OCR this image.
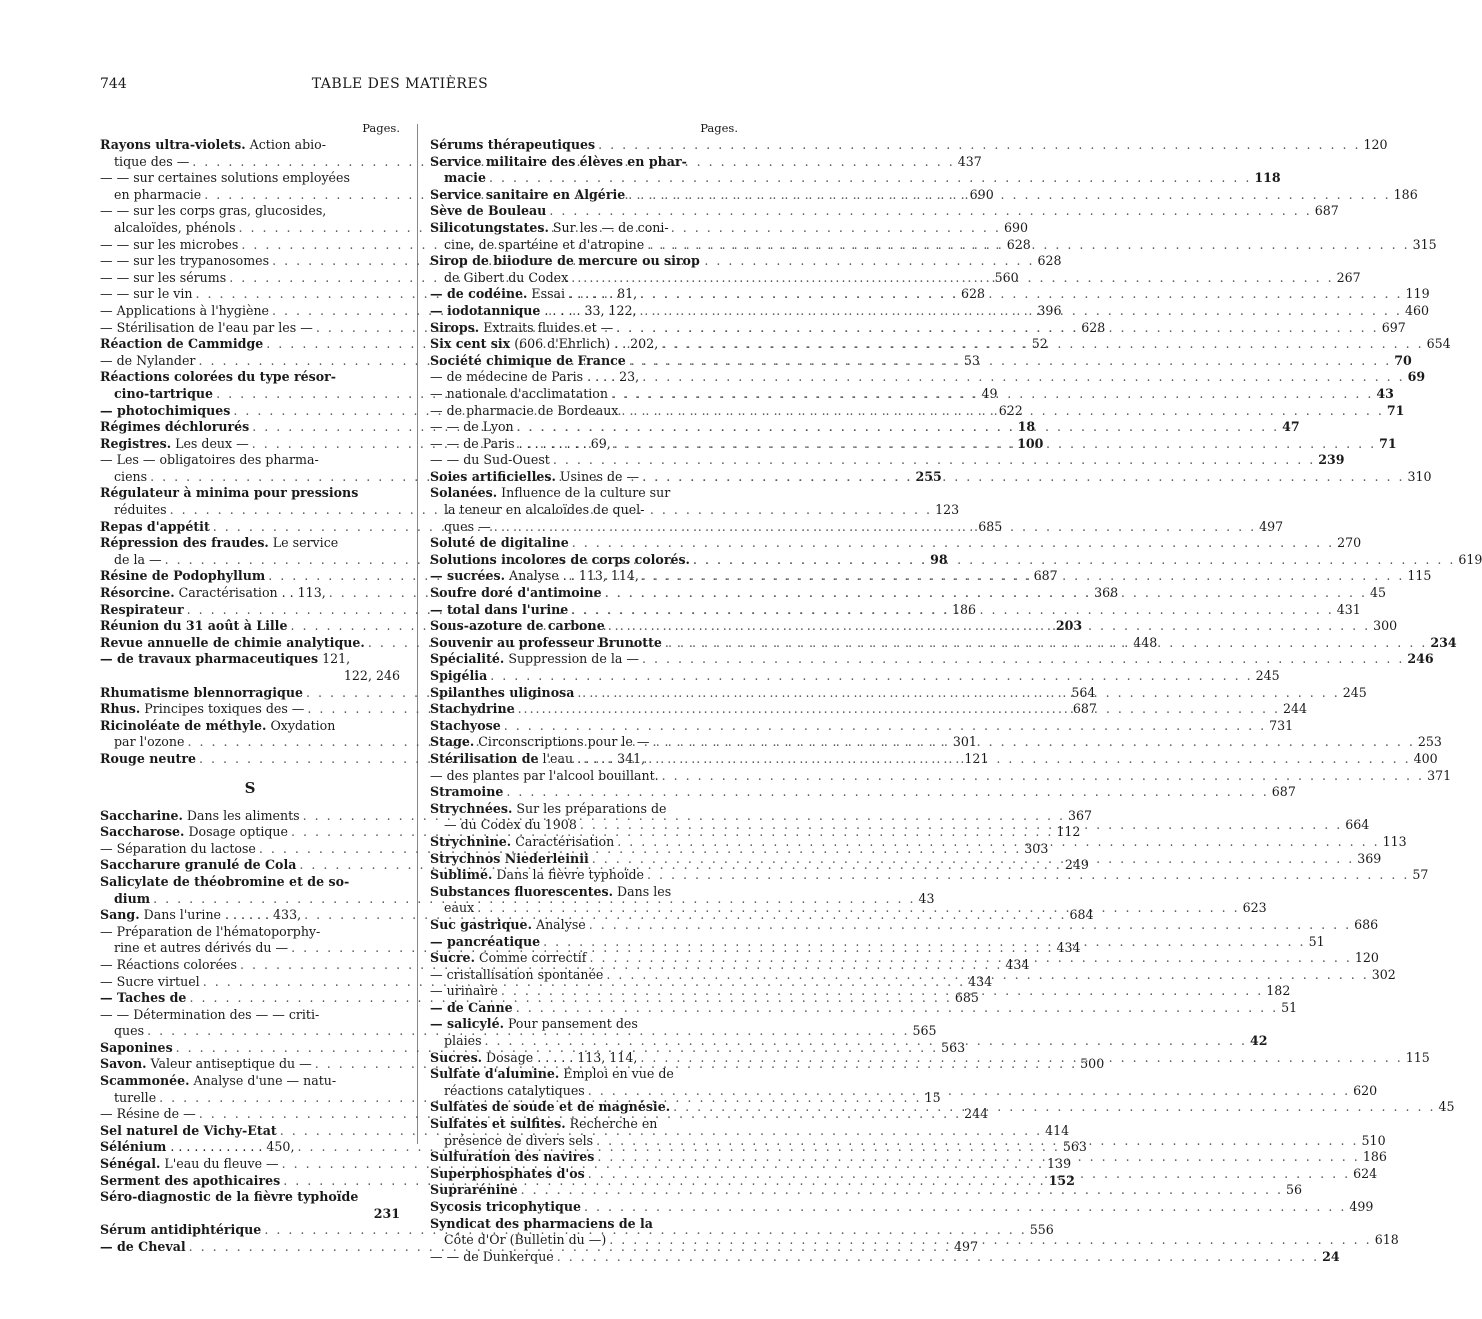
744	TABLE DES MATIÈRES
Pages.
Rayons ultra-violets. Action abio-
tique des — . . .	437
— — sur certaines solutions employées
en pharmacie . . .	690
— — sur les corps gras, glucosides,
alcaloïdes, phénols . . .	690
— — sur les microbes . . .	628
— — sur les trypanosomes . . .	628
— — sur les sérums . . .	560
— — sur le vin . . .	628
— Applications à l'hygiène . . .	396
— Stérilisation de l'eau par les — . . .	628
Réaction de Cammidge . . .	52
— de Nylander . . .	53
Réactions colorées du type résor-
cino-tartrique . . .	49
— photochimiques . . .	622
Régimes déchlorurés . . .	18
Registres. Les deux — . . .	100
— Les — obligatoires des pharma-
ciens . . .	255
Régulateur à minima pour pressions
réduites . . .	123
Repas d'appétit . . .	685
Répression des fraudes. Le service
de la — . . .	98
Résine de Podophyllum . . .	687
Résorcine. Caractérisation . . 113, . . .	368
Respirateur . . .	186
Réunion du 31 août à Lille . . .	203
Revue annuelle de chimie analytique. . . .	448
— de travaux pharmaceutiques 121,
122, 246
Rhumatisme blennorragique . . .	564
Rhus. Principes toxiques des — . . .	687
Ricinoléate de méthyle. Oxydation
par l'ozone . . .	301
Rouge neutre . . .	121
S
Saccharine. Dans les aliments . . .	367
Saccharose. Dosage optique . . .	112
— Séparation du lactose . . .	303
Saccharure granulé de Cola . . .	249
Salicylate de théobromine et de so-
dium . . .	43
Sang. Dans l'urine . . . . . . 433, . . .	684
— Préparation de l'hématoporphy-
rine et autres dérivés du — . . .	434
— Réactions colorées . . .	434
— Sucre virtuel . . .	434
— Taches de . . .	685
— — Détermination des — — criti-
ques . . .	565
Saponines . . .	563
Savon. Valeur antiseptique du — . . .	500
Scammonée. Analyse d'une — natu-
turelle . . .	15
— Résine de — . . .	244
Sel naturel de Vichy-Etat . . .	414
Sélénium . . . . . . . . . . . . 450, . . .	563
Sénégal. L'eau du fleuve — . . .	139
Serment des apothicaires . . .	152
Séro-diagnostic de la fièvre typhoïde
231
Sérum antidiphtérique . . .	556
— de Cheval . . .	497
Pages.
Sérums thérapeutiques . . .	120
Service militaire des élèves en phar-
macie . . .	118
Service sanitaire en Algérie . . .	186
Sève de Bouleau . . .	687
Silicotungstates. Sur les — de coni-
cine, de spartéine et d'atropine . . .	315
Sirop de biiodure de mercure ou sirop
de Gibert du Codex . . .	267
— de codéine. Essai . . . . . . 81, . . .	119
— iodotannique . . . . . 33, 122, . . .	460
Sirops. Extraits fluides et — . . .	697
Six cent six (606 d'Ehrlich) . . 202, . . .	654
Société chimique de France . . .	70
— de médecine de Paris . . . . 23, . . .	69
— nationale d'acclimatation . . .	43
— de pharmacie de Bordeaux . . .	71
— — de Lyon . . .	47
— — de Paris . . . . . . . . . 69, . . .	71
— — du Sud-Ouest . . .	239
Soies artificielles. Usines de — . . .	310
Solanées. Influence de la culture sur
la teneur en alcaloïdes de quel-
ques — . . .	497
Soluté de digitaline . . .	270
Solutions incolores de corps colorés. . . .	619
— sucrées. Analyse . . 113, 114, . . .	115
Soufre doré d'antimoine . . .	45
— total dans l'urine . . .	431
Sous-azoture de carbone . . .	300
Souvenir au professeur Brunotte . . .	234
Spécialité. Suppression de la — . . .	246
Spigélia . . .	245
Spilanthes uliginosa . . .	245
Stachydrine . . .	244
Stachyose . . .	731
Stage. Circonscriptions pour le — . . .	253
Stérilisation de l'eau . . . . . 341, . . .	400
— des plantes par l'alcool bouillant. . . .	371
Stramoine . . .	687
Strychnées. Sur les préparations de
— du Codex du 1908 . . .	664
Strychnine. Caractérisation . . .	113
Strychnos Niederleinii . . .	369
Sublimé. Dans la fièvre typhoïde . . .	57
Substances fluorescentes. Dans les
eaux . . .	623
Suc gastrique. Analyse . . .	686
— pancréatique . . .	51
Sucre. Comme correctif . . .	120
— cristallisation spontanée . . .	302
— urinaire . . .	182
— de Canne . . .	51
— salicylé. Pour pansement des
plaies . . .	42
Sucres. Dosage . . . . . 113, 114, . . .	115
Sulfate d'alumine. Emploi en vue de
réactions catalytiques . . .	620
Sulfates de soude et de magnésie. . . .	45
Sulfates et sulfites. Recherche en
présence de divers sels . . .	510
Sulfuration des navires . . .	186
Superphosphates d'os . . .	624
Suprarénine . . .	56
Sycosis tricophytique . . .	499
Syndicat des pharmaciens de la
Côte d'Or (Bulletin du —) . . .	618
— — de Dunkerque . . .	24
